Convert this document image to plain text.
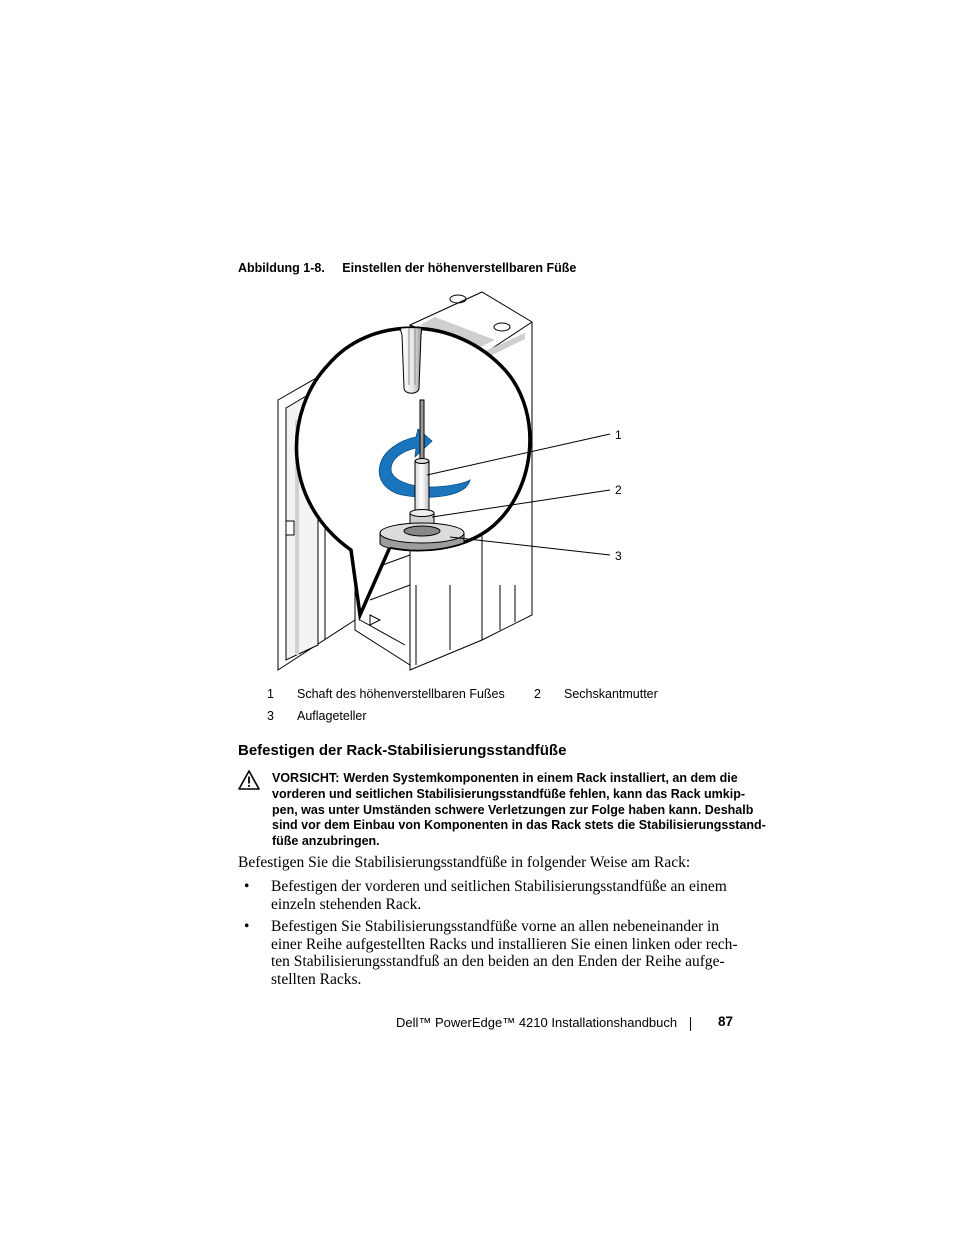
Abbildung 1-8. Einstellen der höhenverstellbaren Füße
1
2
3
1 Schaft des höhenverstellbaren Fußes 2 Sechskantmutter
3 Auflageteller
Befestigen der Rack-Stabilisierungsstandfüße
VORSICHT: Werden Systemkomponenten in einem Rack installiert, an dem die
vorderen und seitlichen Stabilisierungsstandfüße fehlen, kann das Rack umkip-
pen, was unter Umständen schwere Verletzungen zur Folge haben kann. Deshalb
sind vor dem Einbau von Komponenten in das Rack stets die Stabilisierungsstand-
füße anzubringen.
Befestigen Sie die Stabilisierungsstandfüße in folgender Weise am Rack:
• Befestigen der vorderen und seitlichen Stabilisierungsstandfüße an einem
einzeln stehenden Rack.
• Befestigen Sie Stabilisierungsstandfüße vorne an allen nebeneinander in
einer Reihe aufgestellten Racks und installieren Sie einen linken oder rech-
ten Stabilisierungsstandfuß an den beiden an den Enden der Reihe aufge-
stellten Racks.
Dell™ PowerEdge™ 4210 Installationshandbuch	87
